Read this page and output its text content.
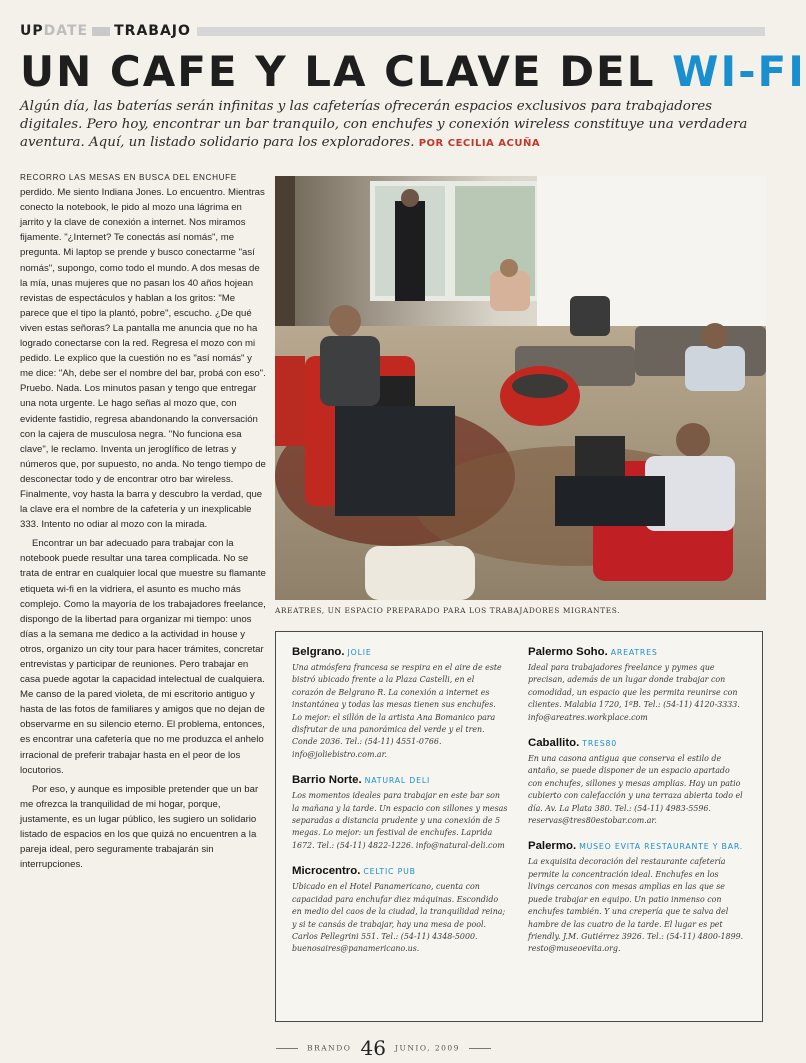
UPDATE TRABAJO
UN CAFE Y LA CLAVE DEL WI-FI
Algún día, las baterías serán infinitas y las cafeterías ofrecerán espacios exclusivos para trabajadores digitales. Pero hoy, encontrar un bar tranquilo, con enchufes y conexión wireless constituye una verdadera aventura. Aquí, un listado solidario para los exploradores. POR CECILIA ACUÑA

RECORRO LAS MESAS EN BUSCA DEL ENCHUFE perdido. Me siento Indiana Jones. Lo encuentro. Mientras conecto la notebook, le pido al mozo una lágrima en jarrito y la clave de conexión a internet. Nos miramos fijamente. "¿Internet? Te conectás así nomás", me pregunta. Mi laptop se prende y busco conectarme "así nomás", supongo, como todo el mundo. A dos mesas de la mía, unas mujeres que no pasan los 40 años hojean revistas de espectáculos y hablan a los gritos: "Me parece que el tipo la plantó, pobre", escucho. ¿De qué viven estas señoras? La pantalla me anuncia que no ha logrado conectarse con la red. Regresa el mozo con mi pedido. Le explico que la cuestión no es "así nomás" y me dice: "Ah, debe ser el nombre del bar, probá con eso". Pruebo. Nada. Los minutos pasan y tengo que entregar una nota urgente. Le hago señas al mozo que, con evidente fastidio, regresa abandonando la conversación con la cajera de musculosa negra. "No funciona esa clave", le reclamo. Inventa un jeroglífico de letras y números que, por supuesto, no anda. No tengo tiempo de desconectar todo y de encontrar otro bar wireless. Finalmente, voy hasta la barra y descubro la verdad, que la clave era el nombre de la cafetería y un inexplicable 333. Intento no odiar al mozo con la mirada.

Encontrar un bar adecuado para trabajar con la notebook puede resultar una tarea complicada. No se trata de entrar en cualquier local que muestre su flamante etiqueta wi-fi en la vidriera, el asunto es mucho más complejo. Como la mayoría de los trabajadores freelance, dispongo de la libertad para organizar mi tiempo: unos días a la semana me dedico a la actividad in house y otros, organizo un city tour para hacer trámites, concretar entrevistas y participar de reuniones. Pero trabajar en casa puede agotar la capacidad intelectual de cualquiera. Me canso de la pared violeta, de mi escritorio antiguo y hasta de las fotos de familiares y amigos que no dejan de observarme en su silencio eterno. El problema, entonces, es encontrar una cafetería que no me produzca el anhelo irracional de preferir trabajar hasta en el peor de los locutorios.

Por eso, y aunque es imposible pretender que un bar me ofrezca la tranquilidad de mi hogar, porque, justamente, es un lugar público, les sugiero un solidario listado de espacios en los que quizá no encuentren a la pareja ideal, pero seguramente trabajarán sin interrupciones.

AREATRES, UN ESPACIO PREPARADO PARA LOS TRABAJADORES MIGRANTES.
Belgrano. JOLIE
Una atmósfera francesa se respira en el aire de este bistró ubicado frente a la Plaza Castelli, en el corazón de Belgrano R. La conexión a internet es instantánea y todas las mesas tienen sus enchufes. Lo mejor: el sillón de la artista Ana Bomanico para disfrutar de una panorámica del verde y el tren. Conde 2036. Tel.: (54-11) 4551-0766. info@joliebistro.com.ar.
Barrio Norte. NATURAL DELI
Los momentos ideales para trabajar en este bar son la mañana y la tarde. Un espacio con sillones y mesas separadas a distancia prudente y una conexión de 5 megas. Lo mejor: un festival de enchufes. Laprida 1672. Tel.: (54-11) 4822-1226. info@natural-deli.com
Microcentro. CELTIC PUB
Ubicado en el Hotel Panamericano, cuenta con capacidad para enchufar diez máquinas. Escondido en medio del caos de la ciudad, la tranquilidad reina; y si te cansás de trabajar, hay una mesa de pool. Carlos Pellegrini 551. Tel.: (54-11) 4348-5000. buenosaires@panamericano.us.
Palermo Soho. AREATRES
Ideal para trabajadores freelance y pymes que precisan, además de un lugar donde trabajar con comodidad, un espacio que les permita reunirse con clientes. Malabia 1720, 1ºB. Tel.: (54-11) 4120-3333. info@areatres.workplace.com
Caballito. TRES80
En una casona antigua que conserva el estilo de antaño, se puede disponer de un espacio apartado con enchufes, sillones y mesas amplias. Hay un patio cubierto con calefacción y una terraza abierta todo el día. Av. La Plata 380. Tel.: (54-11) 4983-5596. reservas@tres80estobar.com.ar.
Palermo. MUSEO EVITA RESTAURANTE Y BAR.
La exquisita decoración del restaurante cafetería permite la concentración ideal. Enchufes en los livings cercanos con mesas amplias en las que se puede trabajar en equipo. Un patio inmenso con enchufes también. Y una crepería que te salva del hambre de las cuatro de la tarde. El lugar es pet friendly. J.M. Gutiérrez 3926. Tel.: (54-11) 4800-1899. resto@museoevita.org.
BRANDO 46 JUNIO, 2009
